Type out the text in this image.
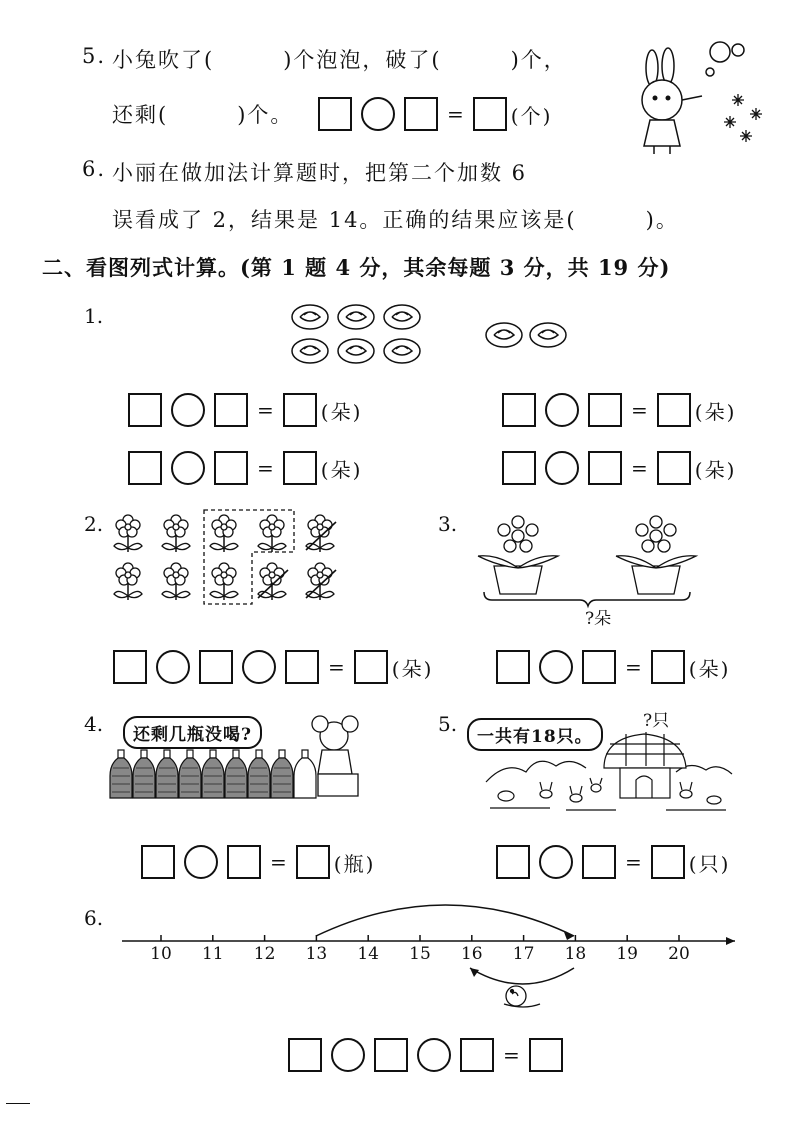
5. 小兔吹了(　　　)个泡泡，破了(　　　)个，
还剩(　　　)个。	= (个)
6. 小丽在做加法计算题时，把第二个加数 6
误看成了 2，结果是 14。正确的结果应该是(　　　)。
二、看图列式计算。(第 1 题 4 分，其余每题 3 分，共 19 分)
1.
= (朵)	= (朵)
= (朵)	= (朵)
2.	3.
?朵
= (朵)	= (朵)
4.	还剩几瓶没喝?	5.
一共有18只。
?只
= (瓶)	= (只)
6.
10	11	12	13	14	15	16	17	18	19	20
=
